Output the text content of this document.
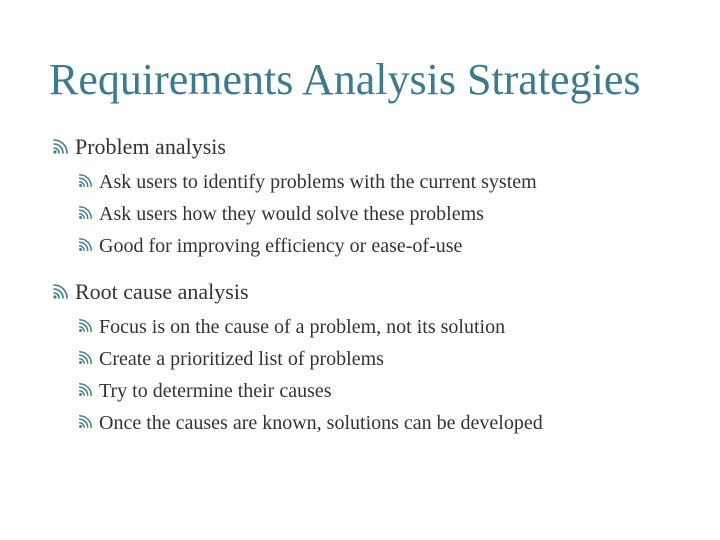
Requirements Analysis Strategies
Problem analysis
Ask users to identify problems with the current system
Ask users how they would solve these problems
Good for improving efficiency or ease-of-use
Root cause analysis
Focus is on the cause of a problem, not its solution
Create a prioritized list of problems
Try to determine their causes
Once the causes are known, solutions can be developed
